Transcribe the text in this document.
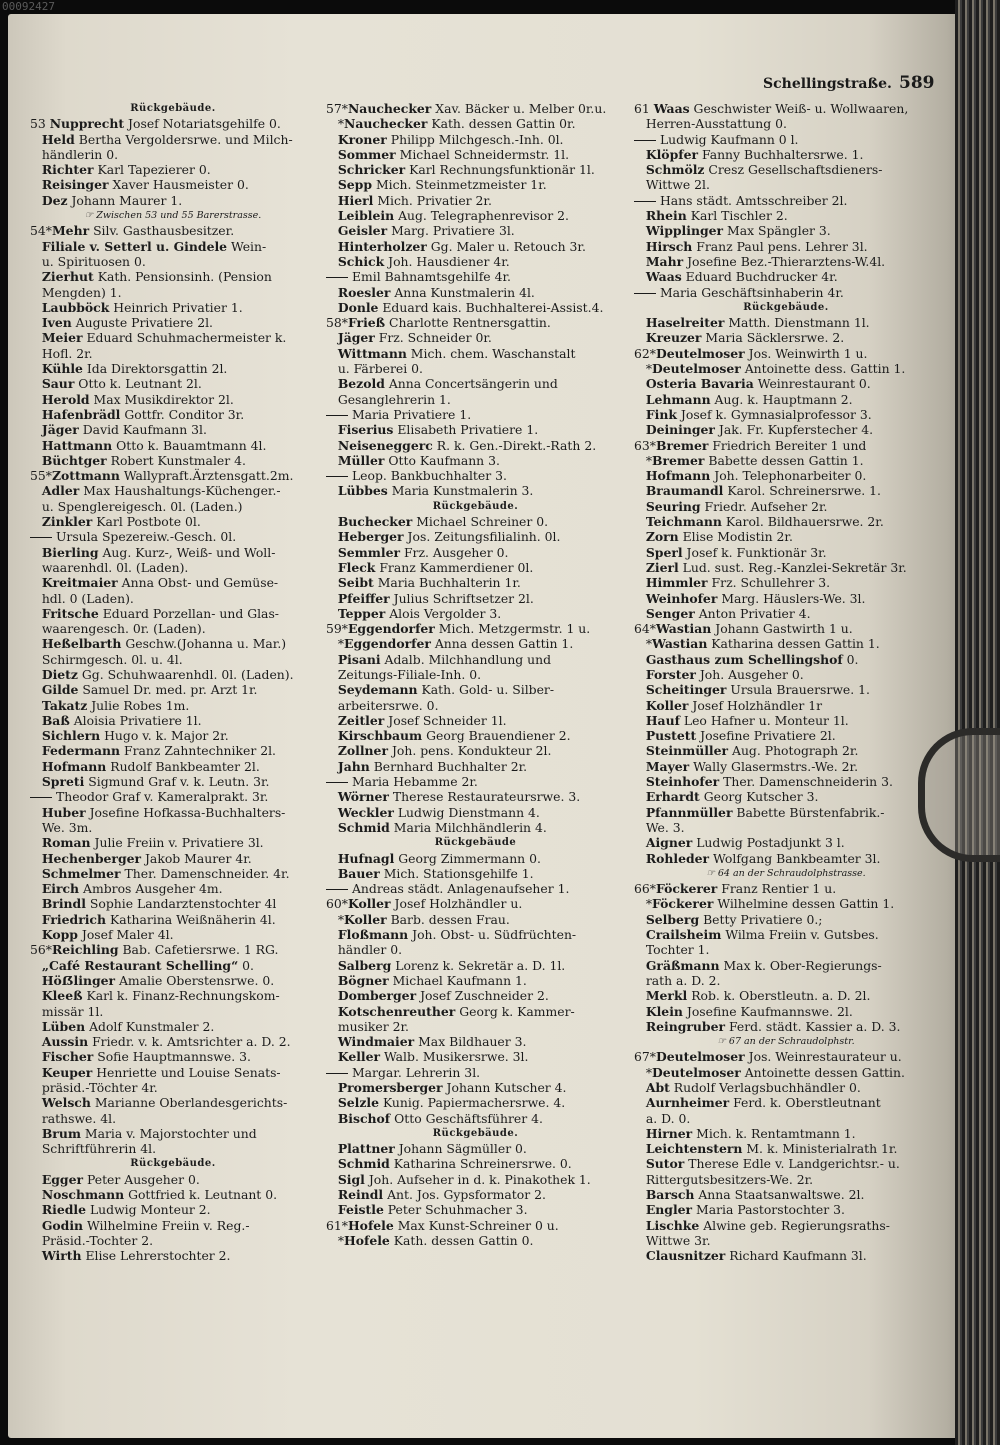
00092427
Schellingstraße. 589
Rückgebäude.
53 Nupprecht Josef Notariatsgehilfe 0.
Held Bertha Vergoldersrwe. und Milch-
händlerin 0.
Richter Karl Tapezierer 0.
Reisinger Xaver Hausmeister 0.
Dez Johann Maurer 1.
☞ Zwischen 53 und 55 Barerstrasse.
54*Mehr Silv. Gasthausbesitzer.
Filiale v. Setterl u. Gindele Wein-
u. Spirituosen 0.
Zierhut Kath. Pensionsinh. (Pension
Mengden) 1.
Laubböck Heinrich Privatier 1.
Iven Auguste Privatiere 2l.
Meier Eduard Schuhmachermeister k.
Hofl. 2r.
Kühle Ida Direktorsgattin 2l.
Saur Otto k. Leutnant 2l.
Herold Max Musikdirektor 2l.
Hafenbrädl Gottfr. Conditor 3r.
Jäger David Kaufmann 3l.
Hattmann Otto k. Bauamtmann 4l.
Büchtger Robert Kunstmaler 4.
55*Zottmann Wallypraft.Ärztensgatt.2m.
Adler Max Haushaltungs-Küchenger.-
u. Spenglereigesch. 0l. (Laden.)
Zinkler Karl Postbote 0l.
Ursula Spezereiw.-Gesch. 0l.
Bierling Aug. Kurz-, Weiß- und Woll-
waarenhdl. 0l. (Laden).
Kreitmaier Anna Obst- und Gemüse-
hdl. 0 (Laden).
Fritsche Eduard Porzellan- und Glas-
waarengesch. 0r. (Laden).
Heßelbarth Geschw.(Johanna u. Mar.)
Schirmgesch. 0l. u. 4l.
Dietz Gg. Schuhwaarenhdl. 0l. (Laden).
Gilde Samuel Dr. med. pr. Arzt 1r.
Takatz Julie Robes 1m.
Baß Aloisia Privatiere 1l.
Sichlern Hugo v. k. Major 2r.
Federmann Franz Zahntechniker 2l.
Hofmann Rudolf Bankbeamter 2l.
Spreti Sigmund Graf v. k. Leutn. 3r.
Theodor Graf v. Kameralprakt. 3r.
Huber Josefine Hofkassa-Buchhalters-
We. 3m.
Roman Julie Freiin v. Privatiere 3l.
Hechenberger Jakob Maurer 4r.
Schmelmer Ther. Damenschneider. 4r.
Eirch Ambros Ausgeher 4m.
Brindl Sophie Landarztenstochter 4l
Friedrich Katharina Weißnäherin 4l.
Kopp Josef Maler 4l.
56*Reichling Bab. Cafetiersrwe. 1 RG.
„Café Restaurant Schelling“ 0.
Höẞlinger Amalie Oberstensrwe. 0.
Kleeß Karl k. Finanz-Rechnungskom-
missär 1l.
Lüben Adolf Kunstmaler 2.
Aussin Friedr. v. k. Amtsrichter a. D. 2.
Fischer Sofie Hauptmannswe. 3.
Keuper Henriette und Louise Senats-
präsid.-Töchter 4r.
Welsch Marianne Oberlandesgerichts-
rathswe. 4l.
Brum Maria v. Majorstochter und
Schriftführerin 4l.
Rückgebäude.
Egger Peter Ausgeher 0.
Noschmann Gottfried k. Leutnant 0.
Riedle Ludwig Monteur 2.
Godin Wilhelmine Freiin v. Reg.-
Präsid.-Tochter 2.
Wirth Elise Lehrerstochter 2.
57*Nauchecker Xav. Bäcker u. Melber 0r.u.
*Nauchecker Kath. dessen Gattin 0r.
Kroner Philipp Milchgesch.-Inh. 0l.
Sommer Michael Schneidermstr. 1l.
Schricker Karl Rechnungsfunktionär 1l.
Sepp Mich. Steinmetzmeister 1r.
Hierl Mich. Privatier 2r.
Leiblein Aug. Telegraphenrevisor 2.
Geisler Marg. Privatiere 3l.
Hinterholzer Gg. Maler u. Retouch 3r.
Schick Joh. Hausdiener 4r.
Emil Bahnamtsgehilfe 4r.
Roesler Anna Kunstmalerin 4l.
Donle Eduard kais. Buchhalterei-Assist.4.
58*Frieß Charlotte Rentnersgattin.
Jäger Frz. Schneider 0r.
Wittmann Mich. chem. Waschanstalt
u. Färberei 0.
Bezold Anna Concertsängerin und
Gesanglehrerin 1.
Maria Privatiere 1.
Fiserius Elisabeth Privatiere 1.
Neiseneggerc R. k. Gen.-Direkt.-Rath 2.
Müller Otto Kaufmann 3.
Leop. Bankbuchhalter 3.
Lübbes Maria Kunstmalerin 3.
Rückgebäude.
Buchecker Michael Schreiner 0.
Heberger Jos. Zeitungsfilialinh. 0l.
Semmler Frz. Ausgeher 0.
Fleck Franz Kammerdiener 0l.
Seibt Maria Buchhalterin 1r.
Pfeiffer Julius Schriftsetzer 2l.
Tepper Alois Vergolder 3.
59*Eggendorfer Mich. Metzgermstr. 1 u.
*Eggendorfer Anna dessen Gattin 1.
Pisani Adalb. Milchhandlung und
Zeitungs-Filiale-Inh. 0.
Seydemann Kath. Gold- u. Silber-
arbeitersrwe. 0.
Zeitler Josef Schneider 1l.
Kirschbaum Georg Brauendiener 2.
Zollner Joh. pens. Kondukteur 2l.
Jahn Bernhard Buchhalter 2r.
Maria Hebamme 2r.
Wörner Therese Restaurateursrwe. 3.
Weckler Ludwig Dienstmann 4.
Schmid Maria Milchhändlerin 4.
Rückgebäude
Hufnagl Georg Zimmermann 0.
Bauer Mich. Stationsgehilfe 1.
Andreas städt. Anlagenaufseher 1.
60*Koller Josef Holzhändler u.
*Koller Barb. dessen Frau.
Floßmann Joh. Obst- u. Südfrüchten-
händler 0.
Salberg Lorenz k. Sekretär a. D. 1l.
Bögner Michael Kaufmann 1.
Domberger Josef Zuschneider 2.
Kotschenreuther Georg k. Kammer-
musiker 2r.
Windmaier Max Bildhauer 3.
Keller Walb. Musikersrwe. 3l.
Margar. Lehrerin 3l.
Promersberger Johann Kutscher 4.
Selzle Kunig. Papiermachersrwe. 4.
Bischof Otto Geschäftsführer 4.
Rückgebäude.
Plattner Johann Sägmüller 0.
Schmid Katharina Schreinersrwe. 0.
Sigl Joh. Aufseher in d. k. Pinakothek 1.
Reindl Ant. Jos. Gypsformator 2.
Feistle Peter Schuhmacher 3.
61*Hofele Max Kunst-Schreiner 0 u.
*Hofele Kath. dessen Gattin 0.
61 Waas Geschwister Weiß- u. Wollwaaren,
Herren-Ausstattung 0.
Ludwig Kaufmann 0 l.
Klöpfer Fanny Buchhaltersrwe. 1.
Schmölz Cresz Gesellschaftsdieners-
Wittwe 2l.
Hans städt. Amtsschreiber 2l.
Rhein Karl Tischler 2.
Wipplinger Max Spängler 3.
Hirsch Franz Paul pens. Lehrer 3l.
Mahr Josefine Bez.-Thierarztens-W.4l.
Waas Eduard Buchdrucker 4r.
Maria Geschäftsinhaberin 4r.
Rückgebäude.
Haselreiter Matth. Dienstmann 1l.
Kreuzer Maria Säcklersrwe. 2.
62*Deutelmoser Jos. Weinwirth 1 u.
*Deutelmoser Antoinette dess. Gattin 1.
Osteria Bavaria Weinrestaurant 0.
Lehmann Aug. k. Hauptmann 2.
Fink Josef k. Gymnasialprofessor 3.
Deininger Jak. Fr. Kupferstecher 4.
63*Bremer Friedrich Bereiter 1 und
*Bremer Babette dessen Gattin 1.
Hofmann Joh. Telephonarbeiter 0.
Braumandl Karol. Schreinersrwe. 1.
Seuring Friedr. Aufseher 2r.
Teichmann Karol. Bildhauersrwe. 2r.
Zorn Elise Modistin 2r.
Sperl Josef k. Funktionär 3r.
Zierl Lud. sust. Reg.-Kanzlei-Sekretär 3r.
Himmler Frz. Schullehrer 3.
Weinhofer Marg. Häuslers-We. 3l.
Senger Anton Privatier 4.
64*Wastian Johann Gastwirth 1 u.
*Wastian Katharina dessen Gattin 1.
Gasthaus zum Schellingshof 0.
Forster Joh. Ausgeher 0.
Scheitinger Ursula Brauersrwe. 1.
Koller Josef Holzhändler 1r
Hauf Leo Hafner u. Monteur 1l.
Pustett Josefine Privatiere 2l.
Steinmüller Aug. Photograph 2r.
Mayer Wally Glasermstrs.-We. 2r.
Steinhofer Ther. Damenschneiderin 3.
Erhardt Georg Kutscher 3.
Pfannmüller Babette Bürstenfabrik.-
We. 3.
Aigner Ludwig Postadjunkt 3 l.
Rohleder Wolfgang Bankbeamter 3l.
☞ 64 an der Schraudolphstrasse.
66*Föckerer Franz Rentier 1 u.
*Föckerer Wilhelmine dessen Gattin 1.
Selberg Betty Privatiere 0.;
Crailsheim Wilma Freiin v. Gutsbes.
Tochter 1.
Gräßmann Max k. Ober-Regierungs-
rath a. D. 2.
Merkl Rob. k. Oberstleutn. a. D. 2l.
Klein Josefine Kaufmannswe. 2l.
Reingruber Ferd. städt. Kassier a. D. 3.
☞ 67 an der Schraudolphstr.
67*Deutelmoser Jos. Weinrestaurateur u.
*Deutelmoser Antoinette dessen Gattin.
Abt Rudolf Verlagsbuchhändler 0.
Aurnheimer Ferd. k. Oberstleutnant
a. D. 0.
Hirner Mich. k. Rentamtmann 1.
Leichtenstern M. k. Ministerialrath 1r.
Sutor Therese Edle v. Landgerichtsr.- u.
Rittergutsbesitzers-We. 2r.
Barsch Anna Staatsanwaltswe. 2l.
Engler Maria Pastorstochter 3.
Lischke Alwine geb. Regierungsraths-
Wittwe 3r.
Clausnitzer Richard Kaufmann 3l.
